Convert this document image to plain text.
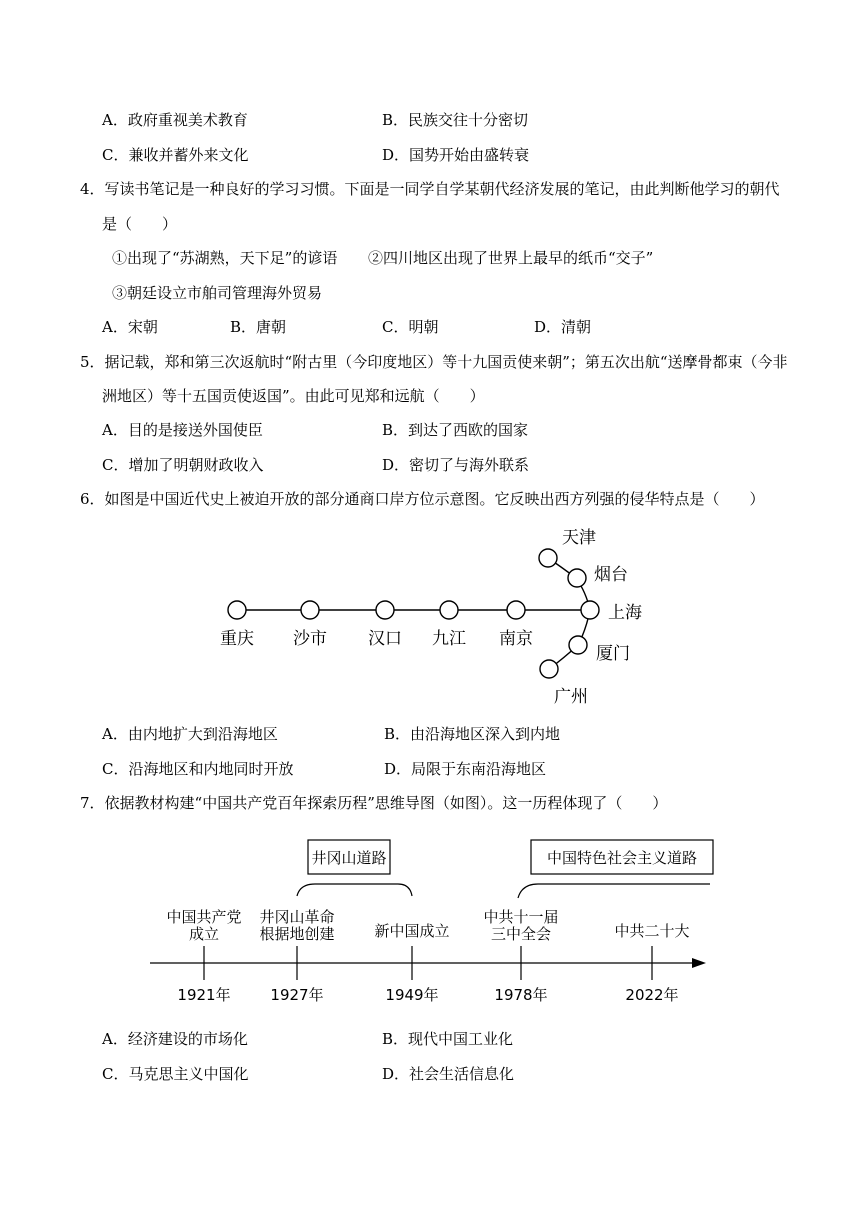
A．政府重视美术教育	B．民族交往十分密切
C．兼收并蓄外来文化	D．国势开始由盛转衰
4．写读书笔记是一种良好的学习习惯。下面是一同学自学某朝代经济发展的笔记，由此判断他学习的朝代
是（　　）
①出现了“苏湖熟，天下足”的谚语 ②四川地区出现了世界上最早的纸币“交子”
③朝廷设立市舶司管理海外贸易
A．宋朝	B．唐朝	C．明朝	D．清朝
5．据记载，郑和第三次返航时“附古里（今印度地区）等十九国贡使来朝”；第五次出航“送摩骨都束（今非
洲地区）等十五国贡使返国”。由此可见郑和远航（　　）
A．目的是接送外国使臣	B．到达了西欧的国家
C．增加了明朝财政收入	D．密切了与海外联系
6．如图是中国近代史上被迫开放的部分通商口岸方位示意图。它反映出西方列强的侵华特点是（　　）
重庆 沙市 汉口 九江 南京
上海
天津
烟台
厦门
广州
A．由内地扩大到沿海地区	B．由沿海地区深入到内地
C．沿海地区和内地同时开放	D．局限于东南沿海地区
7．依据教材构建“中国共产党百年探索历程”思维导图（如图）。这一历程体现了（　　）
井冈山道路	中国特色社会主义道路
中国共产党
成立
井冈山革命
根据地创建	新中国成立
中共十一届
三中全会	中共二十大
1921年	1927年	1949年	1978年	2022年
A．经济建设的市场化	B．现代中国工业化
C．马克思主义中国化	D．社会生活信息化
